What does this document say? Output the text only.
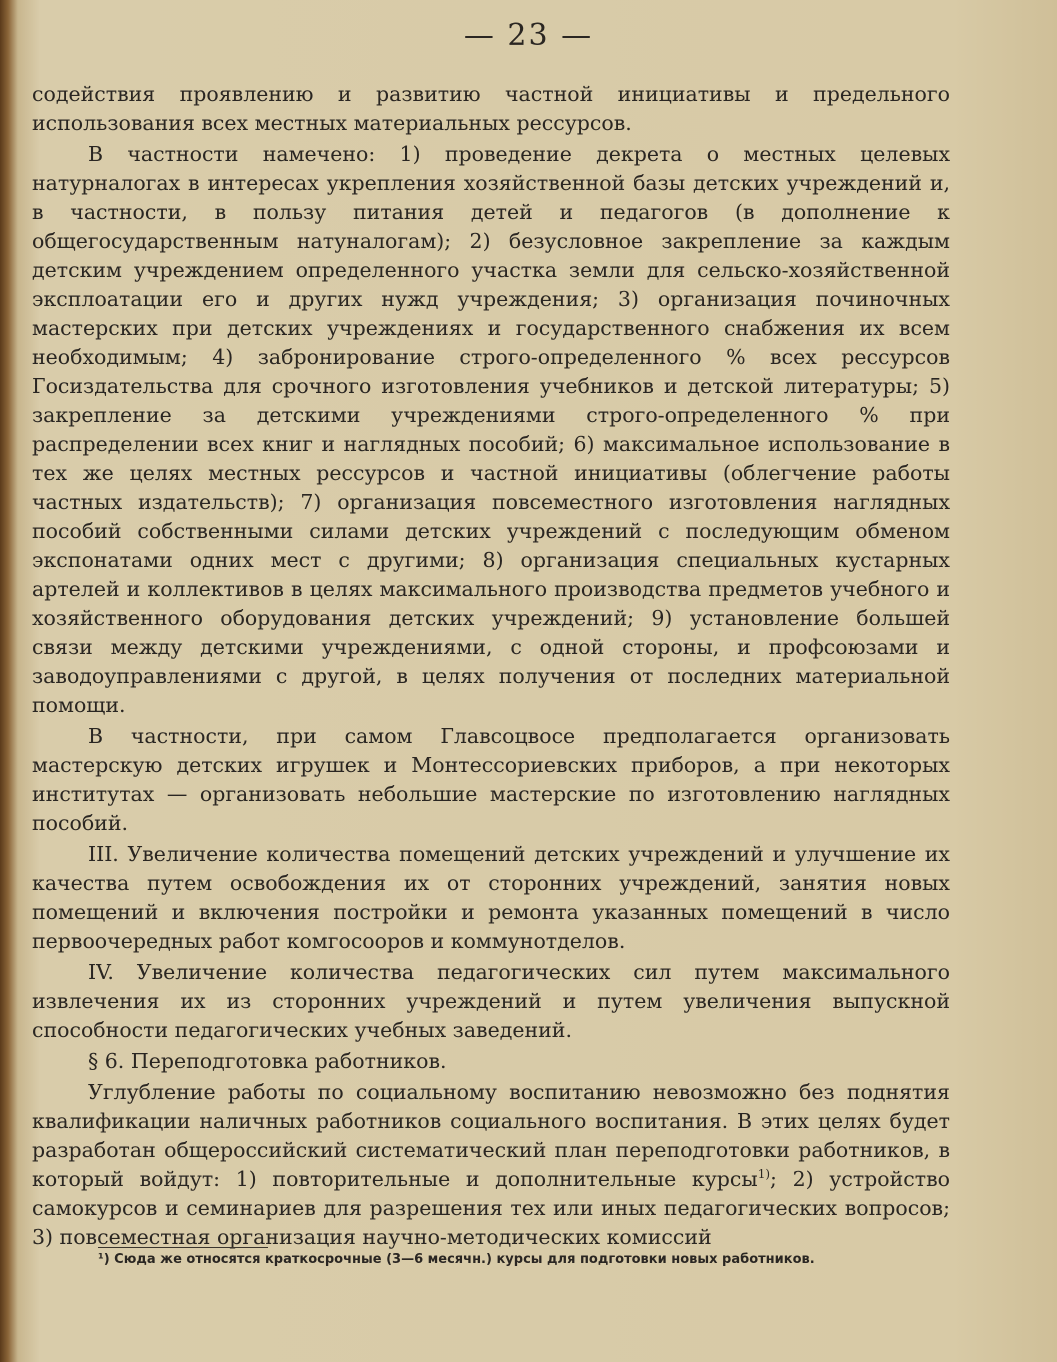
— 23 —

содействия проявлению и развитию частной инициативы и предельного использования всех местных материальных рессурсов.

В частности намечено: 1) проведение декрета о местных целевых натурналогах в интересах укрепления хозяйственной базы детских учреждений и, в частности, в пользу питания детей и педагогов (в дополнение к общегосударственным натуналогам); 2) безусловное закрепление за каждым детским учреждением определенного участка земли для сельско-хозяйственной эксплоатации его и других нужд учреждения; 3) организация починочных мастерских при детских учреждениях и государственного снабжения их всем необходимым; 4) забронирование строго-определенного % всех рессурсов Госиздательства для срочного изготовления учебников и детской литературы; 5) закрепление за детскими учреждениями строго-определенного % при распределении всех книг и наглядных пособий; 6) максимальное использование в тех же целях местных рессурсов и частной инициативы (облегчение работы частных издательств); 7) организация повсеместного изготовления наглядных пособий собственными силами детских учреждений с последующим обменом экспонатами одних мест с другими; 8) организация специальных кустарных артелей и коллективов в целях максимального производства предметов учебного и хозяйственного оборудования детских учреждений; 9) установление большей связи между детскими учреждениями, с одной стороны, и профсоюзами и заводоуправлениями с другой, в целях получения от последних материальной помощи.

В частности, при самом Главсоцвосе предполагается организовать мастерскую детских игрушек и Монтессориевских приборов, а при некоторых институтах — организовать небольшие мастерские по изготовлению наглядных пособий.

III. Увеличение количества помещений детских учреждений и улучшение их качества путем освобождения их от сторонних учреждений, занятия новых помещений и включения постройки и ремонта указанных помещений в число первоочередных работ комгосооров и коммунотделов.

IV. Увеличение количества педагогических сил путем максимального извлечения их из сторонних учреждений и путем увеличения выпускной способности педагогических учебных заведений.

§ 6. Переподготовка работников.

Углубление работы по социальному воспитанию невозможно без поднятия квалификации наличных работников социального воспитания. В этих целях будет разработан общероссийский систематический план переподготовки работников, в который войдут: 1) повторительные и дополнительные курсы$^{1)}$; 2) устройство самокурсов и семинариев для разрешения тех или иных педагогических вопросов; 3) повсеместная организация научно-методических комиссий

¹) Сюда же относятся краткосрочные (3—6 месячн.) курсы для подготовки новых работников.
